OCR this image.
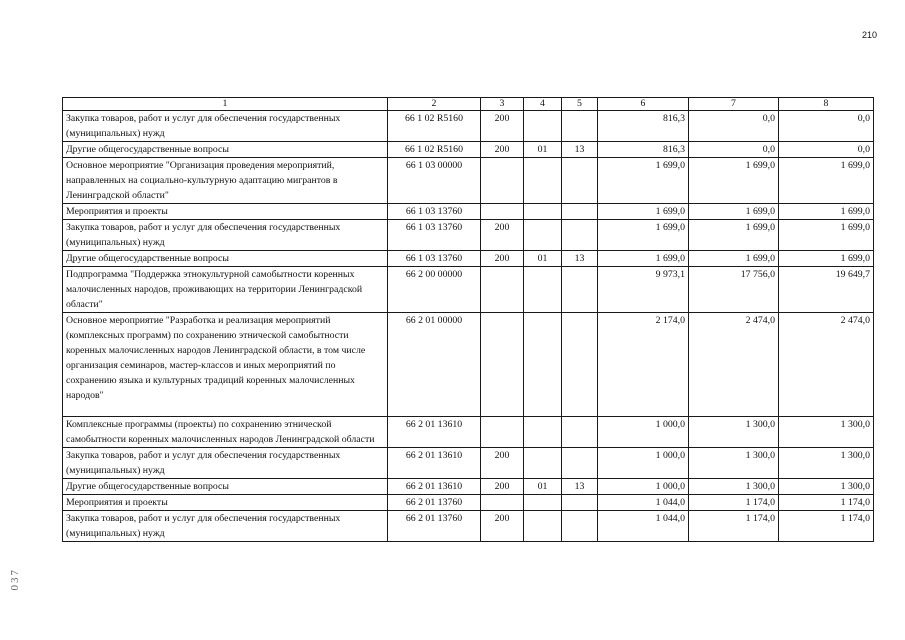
210
1	2	3	4	5	6	7	8
Закупка товаров, работ и услуг для обеспечения государственных (муниципальных) нужд	66 1 02 R5160	200			816,3	0,0	0,0
Другие общегосударственные вопросы	66 1 02 R5160	200	01	13	816,3	0,0	0,0
Основное мероприятие "Организация проведения мероприятий, направленных на социально-культурную адаптацию мигрантов в Ленинградской области"	66 1 03 00000				1 699,0	1 699,0	1 699,0
Мероприятия и проекты	66 1 03 13760				1 699,0	1 699,0	1 699,0
Закупка товаров, работ и услуг для обеспечения государственных (муниципальных) нужд	66 1 03 13760	200			1 699,0	1 699,0	1 699,0
Другие общегосударственные вопросы	66 1 03 13760	200	01	13	1 699,0	1 699,0	1 699,0
Подпрограмма "Поддержка этнокультурной самобытности коренных малочисленных народов, проживающих на территории Ленинградской области"	66 2 00 00000				9 973,1	17 756,0	19 649,7
Основное мероприятие "Разработка и реализация мероприятий (комплексных программ) по сохранению этнической самобытности коренных малочисленных народов Ленинградской области, в том числе организация семинаров, мастер-классов и иных мероприятий по сохранению языка и культурных традиций коренных малочисленных народов"	66 2 01 00000				2 174,0	2 474,0	2 474,0
Комплексные программы (проекты) по сохранению этнической самобытности коренных малочисленных народов Ленинградской области	66 2 01 13610				1 000,0	1 300,0	1 300,0
Закупка товаров, работ и услуг для обеспечения государственных (муниципальных) нужд	66 2 01 13610	200			1 000,0	1 300,0	1 300,0
Другие общегосударственные вопросы	66 2 01 13610	200	01	13	1 000,0	1 300,0	1 300,0
Мероприятия и проекты	66 2 01 13760				1 044,0	1 174,0	1 174,0
Закупка товаров, работ и услуг для обеспечения государственных (муниципальных) нужд	66 2 01 13760	200			1 044,0	1 174,0	1 174,0
037
